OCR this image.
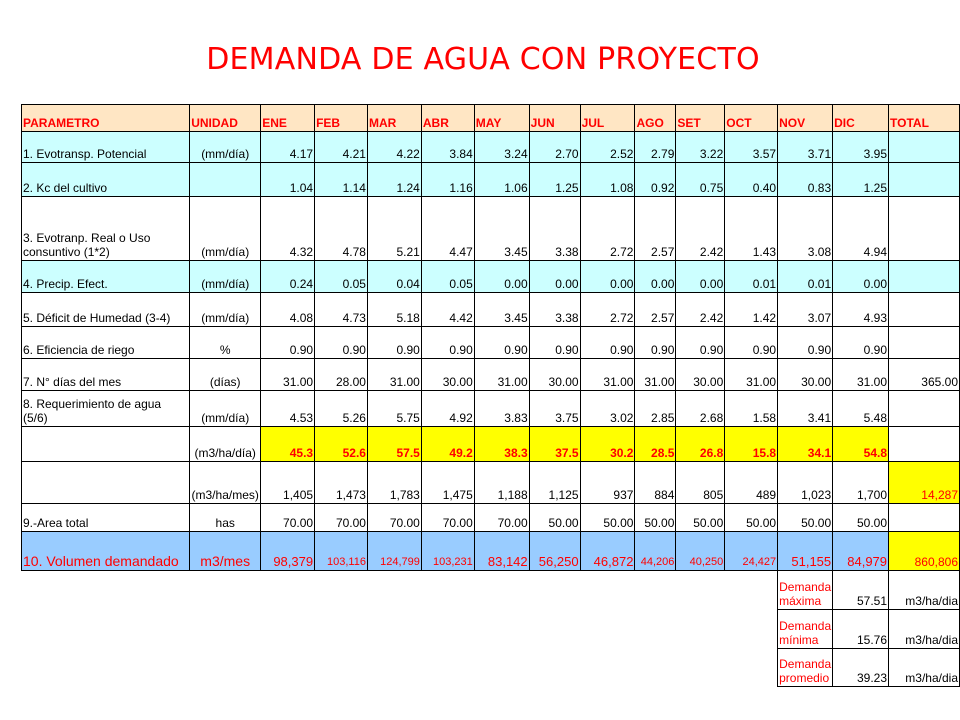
DEMANDA DE AGUA CON PROYECTO
PARAMETRO	UNIDAD	ENE	FEB	MAR	ABR	MAY	JUN	JUL	AGO	SET	OCT	NOV	DIC	TOTAL
1. Evotransp. Potencial	(mm/día)	4.17	4.21	4.22	3.84	3.24	2.70	2.52	2.79	3.22	3.57	3.71	3.95	
2. Kc del cultivo		1.04	1.14	1.24	1.16	1.06	1.25	1.08	0.92	0.75	0.40	0.83	1.25	
3. Evotranp. Real o Uso consuntivo (1*2)	(mm/día)	4.32	4.78	5.21	4.47	3.45	3.38	2.72	2.57	2.42	1.43	3.08	4.94	
4. Precip. Efect.	(mm/día)	0.24	0.05	0.04	0.05	0.00	0.00	0.00	0.00	0.00	0.01	0.01	0.00	
5. Déficit de Humedad (3-4)	(mm/día)	4.08	4.73	5.18	4.42	3.45	3.38	2.72	2.57	2.42	1.42	3.07	4.93	
6. Eficiencia de riego	%	0.90	0.90	0.90	0.90	0.90	0.90	0.90	0.90	0.90	0.90	0.90	0.90	
7. N° días del mes	(días)	31.00	28.00	31.00	30.00	31.00	30.00	31.00	31.00	30.00	31.00	30.00	31.00	365.00
8. Requerimiento de agua (5/6)	(mm/día)	4.53	5.26	5.75	4.92	3.83	3.75	3.02	2.85	2.68	1.58	3.41	5.48	
	(m3/ha/día)	45.3	52.6	57.5	49.2	38.3	37.5	30.2	28.5	26.8	15.8	34.1	54.8	
	(m3/ha/mes)	1,405	1,473	1,783	1,475	1,188	1,125	937	884	805	489	1,023	1,700	14,287
9.-Area total	has	70.00	70.00	70.00	70.00	70.00	50.00	50.00	50.00	50.00	50.00	50.00	50.00	
10. Volumen demandado	m3/mes	98,379	103,116	124,799	103,231	83,142	56,250	46,872	44,206	40,250	24,427	51,155	84,979	860,806
												Demanda máxima	57.51	m3/ha/dia
												Demanda mínima	15.76	m3/ha/dia
												Demanda promedio	39.23	m3/ha/dia
